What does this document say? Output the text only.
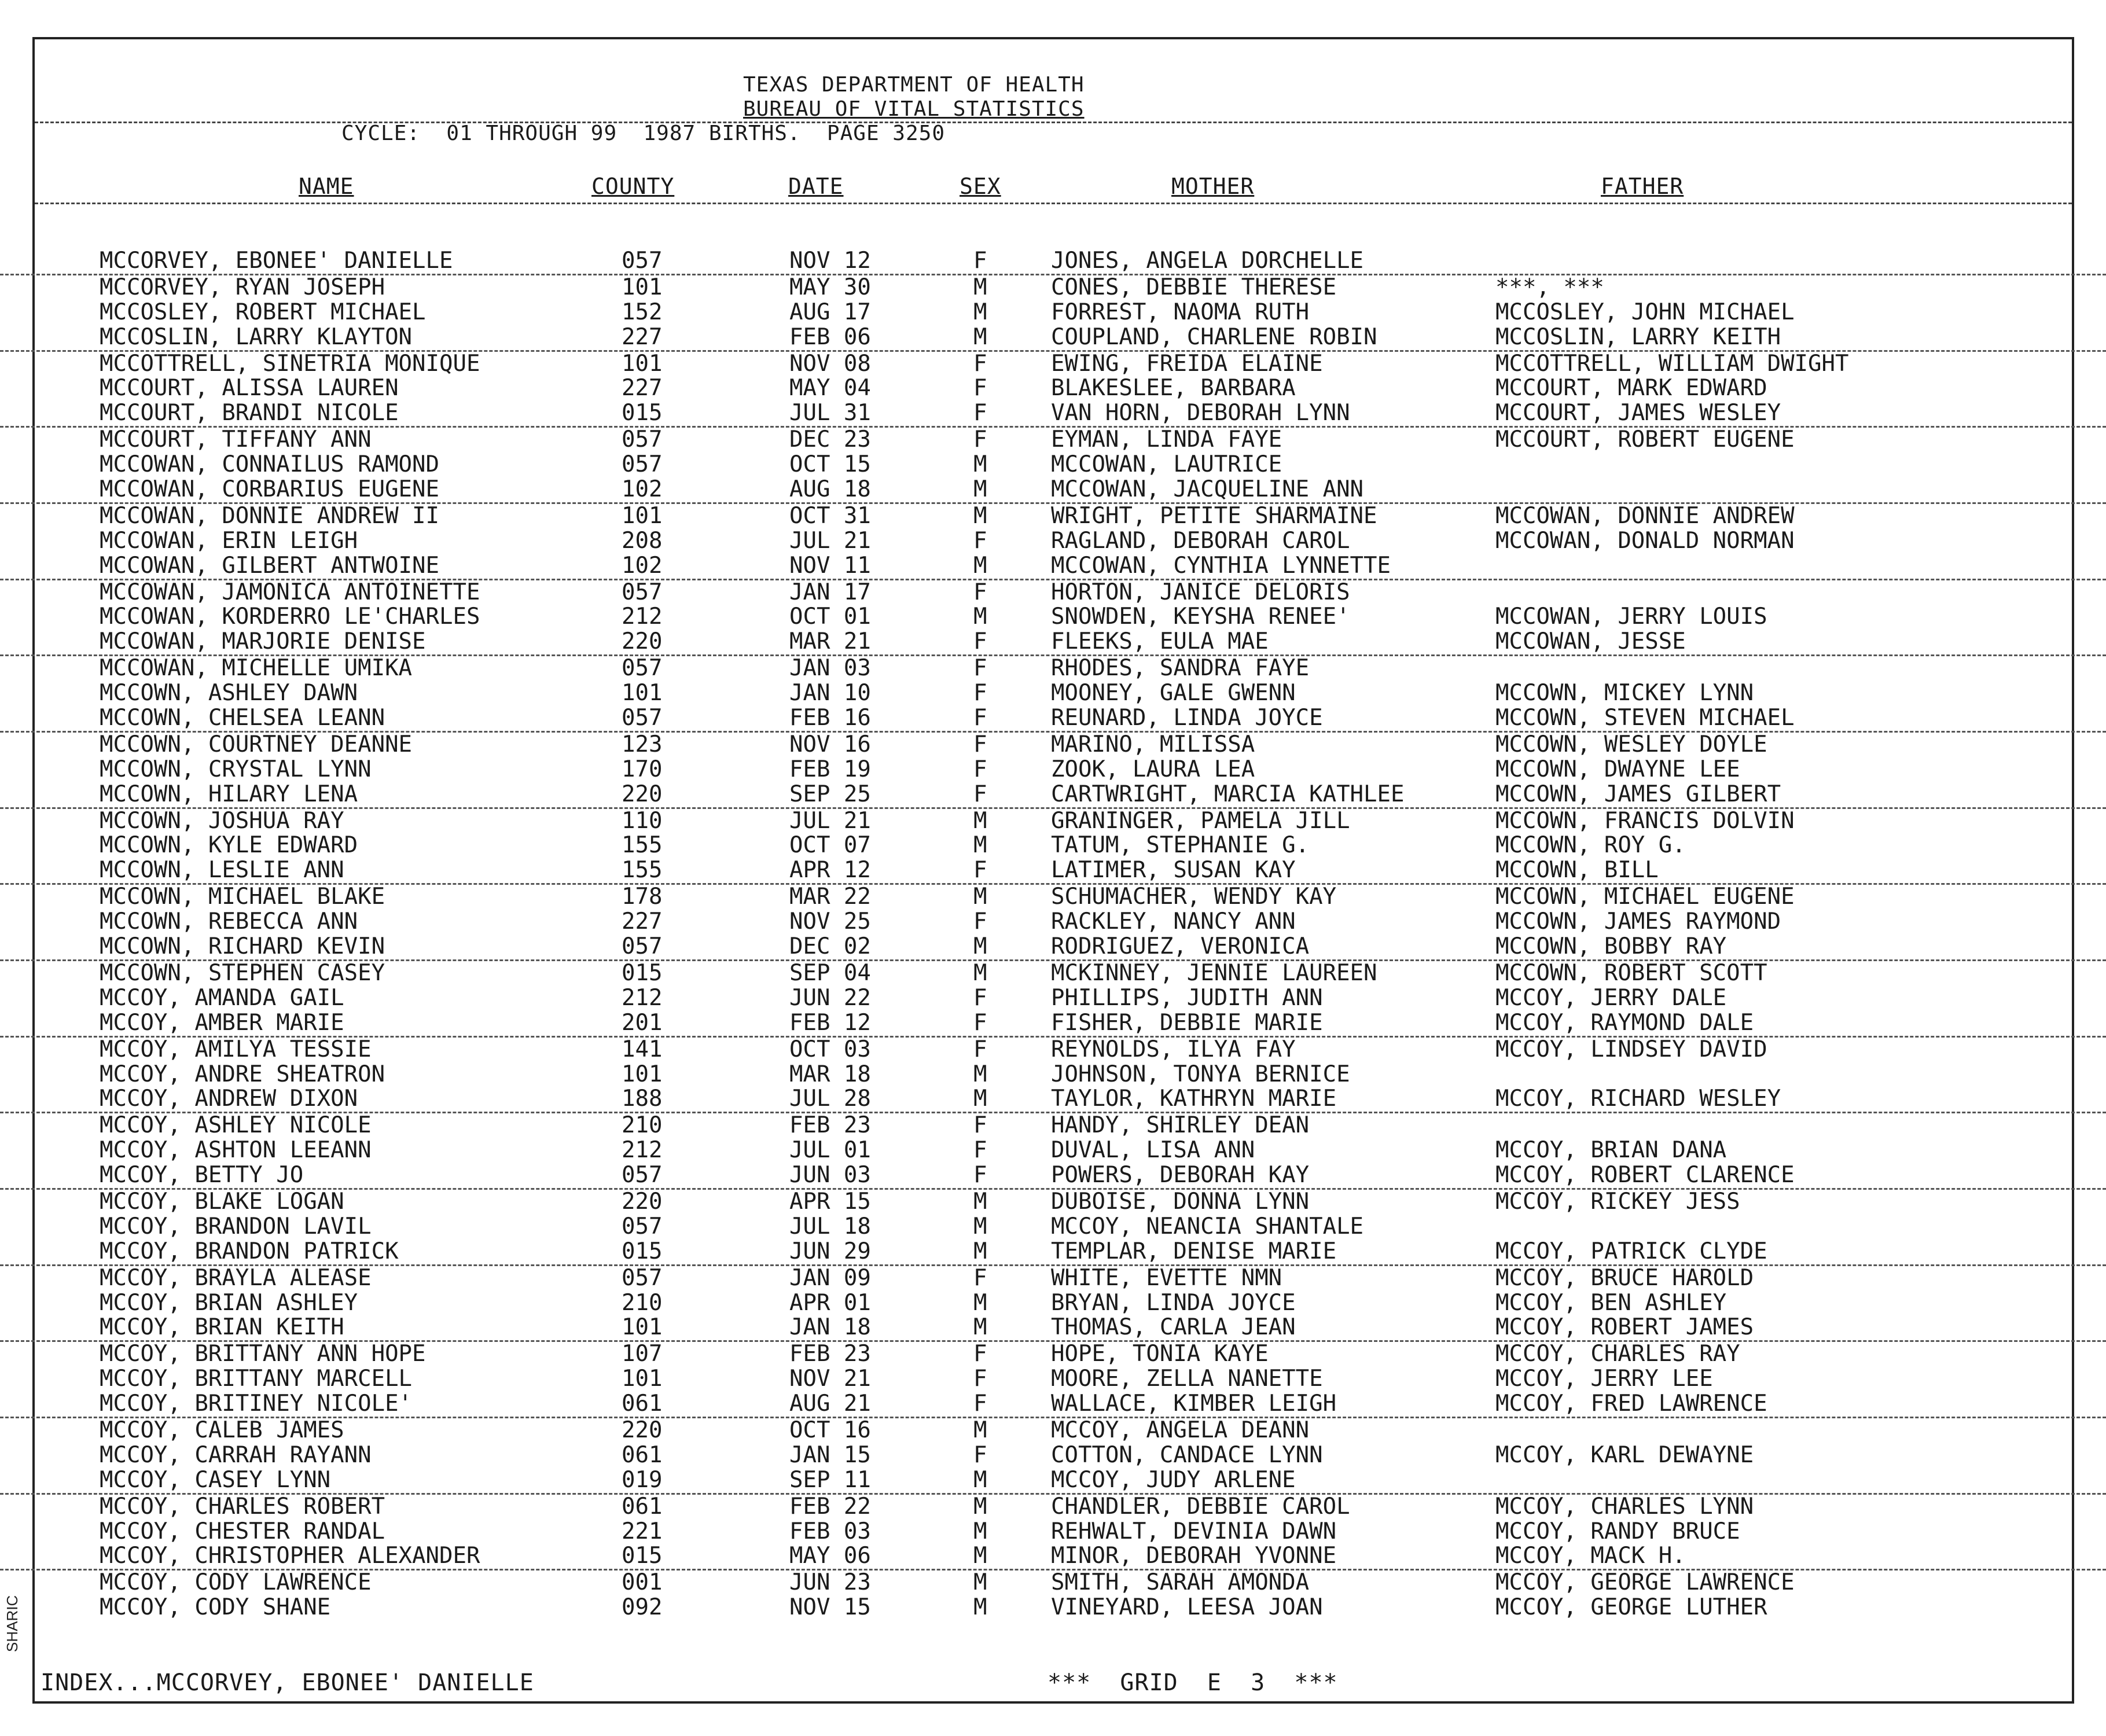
SHARIC
TEXAS DEPARTMENT OF HEALTH
BUREAU OF VITAL STATISTICS
CYCLE:  01 THROUGH 99  1987 BIRTHS.  PAGE 3250
NAME	COUNTY	DATE	SEX	MOTHER	FATHER
MCCORVEY, EBONEE' DANIELLE	057	NOV 12	F	JONES, ANGELA DORCHELLE
MCCORVEY, RYAN JOSEPH	101	MAY 30	M	CONES, DEBBIE THERESE	***, ***
MCCOSLEY, ROBERT MICHAEL	152	AUG 17	M	FORREST, NAOMA RUTH	MCCOSLEY, JOHN MICHAEL
MCCOSLIN, LARRY KLAYTON	227	FEB 06	M	COUPLAND, CHARLENE ROBIN	MCCOSLIN, LARRY KEITH
MCCOTTRELL, SINETRIA MONIQUE	101	NOV 08	F	EWING, FREIDA ELAINE	MCCOTTRELL, WILLIAM DWIGHT
MCCOURT, ALISSA LAUREN	227	MAY 04	F	BLAKESLEE, BARBARA	MCCOURT, MARK EDWARD
MCCOURT, BRANDI NICOLE	015	JUL 31	F	VAN HORN, DEBORAH LYNN	MCCOURT, JAMES WESLEY
MCCOURT, TIFFANY ANN	057	DEC 23	F	EYMAN, LINDA FAYE	MCCOURT, ROBERT EUGENE
MCCOWAN, CONNAILUS RAMOND	057	OCT 15	M	MCCOWAN, LAUTRICE
MCCOWAN, CORBARIUS EUGENE	102	AUG 18	M	MCCOWAN, JACQUELINE ANN
MCCOWAN, DONNIE ANDREW II	101	OCT 31	M	WRIGHT, PETITE SHARMAINE	MCCOWAN, DONNIE ANDREW
MCCOWAN, ERIN LEIGH	208	JUL 21	F	RAGLAND, DEBORAH CAROL	MCCOWAN, DONALD NORMAN
MCCOWAN, GILBERT ANTWOINE	102	NOV 11	M	MCCOWAN, CYNTHIA LYNNETTE
MCCOWAN, JAMONICA ANTOINETTE	057	JAN 17	F	HORTON, JANICE DELORIS
MCCOWAN, KORDERRO LE'CHARLES	212	OCT 01	M	SNOWDEN, KEYSHA RENEE'	MCCOWAN, JERRY LOUIS
MCCOWAN, MARJORIE DENISE	220	MAR 21	F	FLEEKS, EULA MAE	MCCOWAN, JESSE
MCCOWAN, MICHELLE UMIKA	057	JAN 03	F	RHODES, SANDRA FAYE
MCCOWN, ASHLEY DAWN	101	JAN 10	F	MOONEY, GALE GWENN	MCCOWN, MICKEY LYNN
MCCOWN, CHELSEA LEANN	057	FEB 16	F	REUNARD, LINDA JOYCE	MCCOWN, STEVEN MICHAEL
MCCOWN, COURTNEY DEANNE	123	NOV 16	F	MARINO, MILISSA	MCCOWN, WESLEY DOYLE
MCCOWN, CRYSTAL LYNN	170	FEB 19	F	ZOOK, LAURA LEA	MCCOWN, DWAYNE LEE
MCCOWN, HILARY LENA	220	SEP 25	F	CARTWRIGHT, MARCIA KATHLEE	MCCOWN, JAMES GILBERT
MCCOWN, JOSHUA RAY	110	JUL 21	M	GRANINGER, PAMELA JILL	MCCOWN, FRANCIS DOLVIN
MCCOWN, KYLE EDWARD	155	OCT 07	M	TATUM, STEPHANIE G.	MCCOWN, ROY G.
MCCOWN, LESLIE ANN	155	APR 12	F	LATIMER, SUSAN KAY	MCCOWN, BILL
MCCOWN, MICHAEL BLAKE	178	MAR 22	M	SCHUMACHER, WENDY KAY	MCCOWN, MICHAEL EUGENE
MCCOWN, REBECCA ANN	227	NOV 25	F	RACKLEY, NANCY ANN	MCCOWN, JAMES RAYMOND
MCCOWN, RICHARD KEVIN	057	DEC 02	M	RODRIGUEZ, VERONICA	MCCOWN, BOBBY RAY
MCCOWN, STEPHEN CASEY	015	SEP 04	M	MCKINNEY, JENNIE LAUREEN	MCCOWN, ROBERT SCOTT
MCCOY, AMANDA GAIL	212	JUN 22	F	PHILLIPS, JUDITH ANN	MCCOY, JERRY DALE
MCCOY, AMBER MARIE	201	FEB 12	F	FISHER, DEBBIE MARIE	MCCOY, RAYMOND DALE
MCCOY, AMILYA TESSIE	141	OCT 03	F	REYNOLDS, ILYA FAY	MCCOY, LINDSEY DAVID
MCCOY, ANDRE SHEATRON	101	MAR 18	M	JOHNSON, TONYA BERNICE
MCCOY, ANDREW DIXON	188	JUL 28	M	TAYLOR, KATHRYN MARIE	MCCOY, RICHARD WESLEY
MCCOY, ASHLEY NICOLE	210	FEB 23	F	HANDY, SHIRLEY DEAN
MCCOY, ASHTON LEEANN	212	JUL 01	F	DUVAL, LISA ANN	MCCOY, BRIAN DANA
MCCOY, BETTY JO	057	JUN 03	F	POWERS, DEBORAH KAY	MCCOY, ROBERT CLARENCE
MCCOY, BLAKE LOGAN	220	APR 15	M	DUBOISE, DONNA LYNN	MCCOY, RICKEY JESS
MCCOY, BRANDON LAVIL	057	JUL 18	M	MCCOY, NEANCIA SHANTALE
MCCOY, BRANDON PATRICK	015	JUN 29	M	TEMPLAR, DENISE MARIE	MCCOY, PATRICK CLYDE
MCCOY, BRAYLA ALEASE	057	JAN 09	F	WHITE, EVETTE NMN	MCCOY, BRUCE HAROLD
MCCOY, BRIAN ASHLEY	210	APR 01	M	BRYAN, LINDA JOYCE	MCCOY, BEN ASHLEY
MCCOY, BRIAN KEITH	101	JAN 18	M	THOMAS, CARLA JEAN	MCCOY, ROBERT JAMES
MCCOY, BRITTANY ANN HOPE	107	FEB 23	F	HOPE, TONIA KAYE	MCCOY, CHARLES RAY
MCCOY, BRITTANY MARCELL	101	NOV 21	F	MOORE, ZELLA NANETTE	MCCOY, JERRY LEE
MCCOY, BRITINEY NICOLE'	061	AUG 21	F	WALLACE, KIMBER LEIGH	MCCOY, FRED LAWRENCE
MCCOY, CALEB JAMES	220	OCT 16	M	MCCOY, ANGELA DEANN
MCCOY, CARRAH RAYANN	061	JAN 15	F	COTTON, CANDACE LYNN	MCCOY, KARL DEWAYNE
MCCOY, CASEY LYNN	019	SEP 11	M	MCCOY, JUDY ARLENE
MCCOY, CHARLES ROBERT	061	FEB 22	M	CHANDLER, DEBBIE CAROL	MCCOY, CHARLES LYNN
MCCOY, CHESTER RANDAL	221	FEB 03	M	REHWALT, DEVINIA DAWN	MCCOY, RANDY BRUCE
MCCOY, CHRISTOPHER ALEXANDER	015	MAY 06	M	MINOR, DEBORAH YVONNE	MCCOY, MACK H.
MCCOY, CODY LAWRENCE	001	JUN 23	M	SMITH, SARAH AMONDA	MCCOY, GEORGE LAWRENCE
MCCOY, CODY SHANE	092	NOV 15	M	VINEYARD, LEESA JOAN	MCCOY, GEORGE LUTHER
INDEX...MCCORVEY, EBONEE' DANIELLE	***  GRID  E  3  ***
